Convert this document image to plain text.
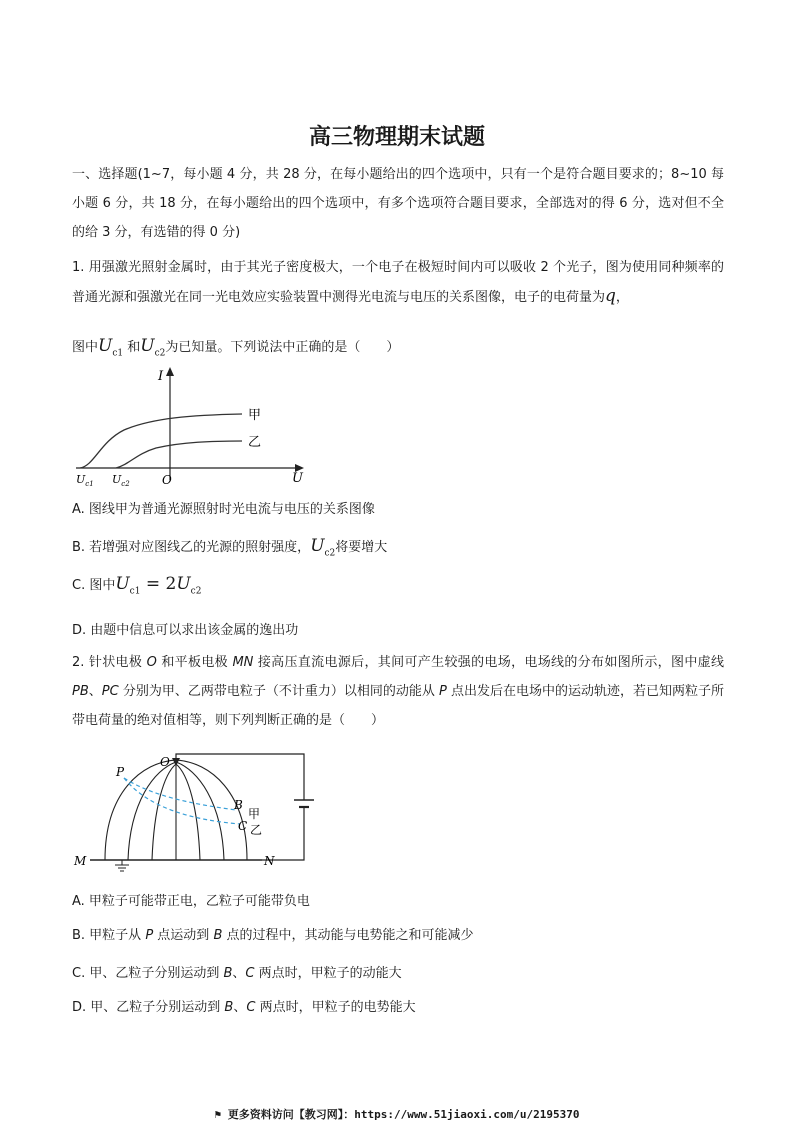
高三物理期末试题
一、选择题(1~7，每小题 4 分，共 28 分，在每小题给出的四个选项中，只有一个是符合题目要求的；8~10 每小题 6 分，共 18 分，在每小题给出的四个选项中，有多个选项符合题目要求，全部选对的得 6 分，选对但不全的给 3 分，有选错的得 0 分)
1. 用强激光照射金属时，由于其光子密度极大，一个电子在极短时间内可以吸收 2 个光子，图为使用同种频率的普通光源和强激光在同一光电效应实验装置中测得光电流与电压的关系图像，电子的电荷量为q，
图中$U_{c1}$ 和$U_{c2}$为已知量。下列说法中正确的是（　　）
I
U
O
甲
乙
$U_{c1}$ $U_{c2}$
A. 图线甲为普通光源照射时光电流与电压的关系图像
B. 若增强对应图线乙的光源的照射强度，$U_{c2}$将要增大
C. 图中$U_{c1} = 2U_{c2}$
D. 由题中信息可以求出该金属的逸出功
2. 针状电极 O 和平板电极 MN 接高压直流电源后，其间可产生较强的电场，电场线的分布如图所示，图中虚线 PB、PC 分别为甲、乙两带电粒子（不计重力）以相同的动能从 P 点出发后在电场中的运动轨迹，若已知两粒子所带电荷量的绝对值相等，则下列判断正确的是（　　）
P
O
B
甲
C 乙
M	N
A. 甲粒子可能带正电，乙粒子可能带负电
B. 甲粒子从 P 点运动到 B 点的过程中，其动能与电势能之和可能减少
C. 甲、乙粒子分别运动到 B、C 两点时，甲粒子的动能大
D. 甲、乙粒子分别运动到 B、C 两点时，甲粒子的电势能大
⚑ 更多资料访问【教习网】：https://www.51jiaoxi.com/u/2195370
